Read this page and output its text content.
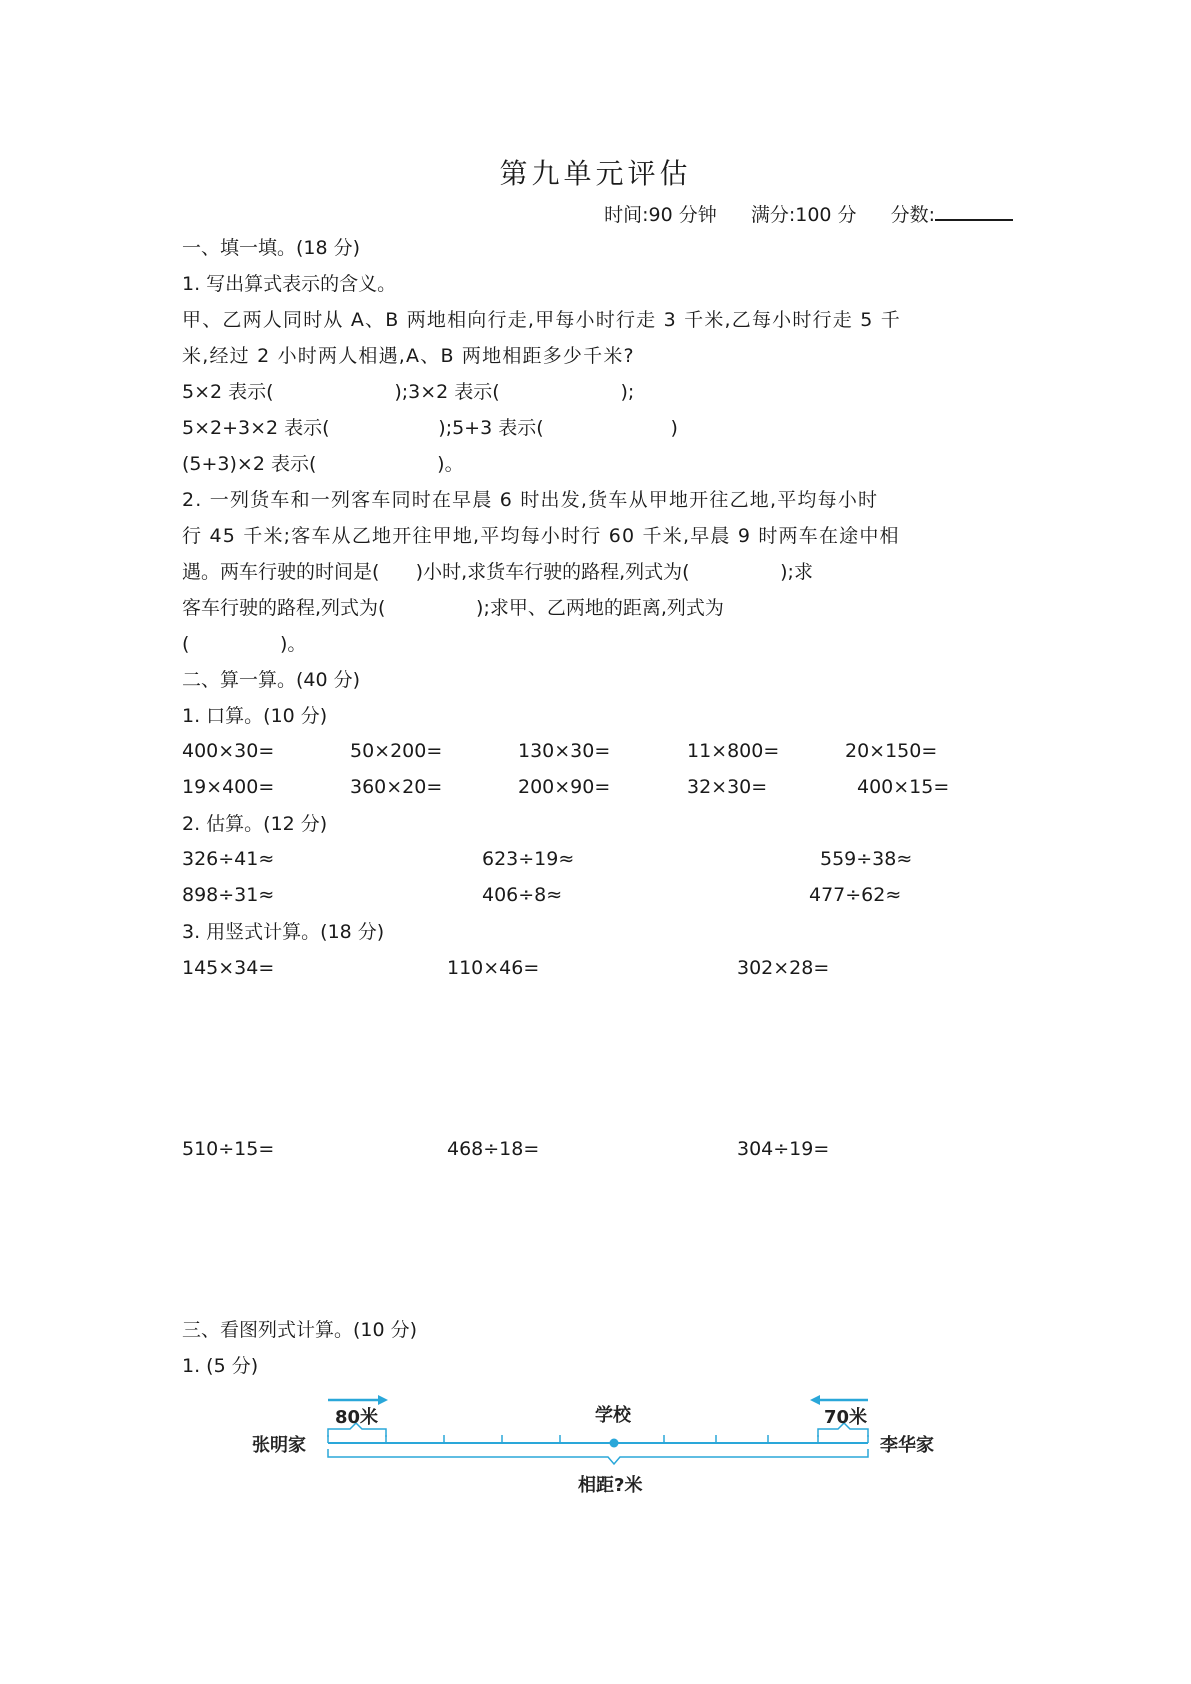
第九单元评估
时间:90 分钟 满分:100 分 分数:
一、填一填。(18 分)
1. 写出算式表示的含义。
甲、乙两人同时从 A、B 两地相向行走,甲每小时行走 3 千米,乙每小时行走 5 千
米,经过 2 小时两人相遇,A、B 两地相距多少千米?
5×2 表示(                    );3×2 表示(                    );
5×2+3×2 表示(                  );5+3 表示(                     )
(5+3)×2 表示(                    )。
2. 一列货车和一列客车同时在早晨 6 时出发,货车从甲地开往乙地,平均每小时
行 45 千米;客车从乙地开往甲地,平均每小时行 60 千米,早晨 9 时两车在途中相
遇。两车行驶的时间是(      )小时,求货车行驶的路程,列式为(               );求
客车行驶的路程,列式为(               );求甲、乙两地的距离,列式为
(               )。
二、算一算。(40 分)
1. 口算。(10 分)
400×30=	50×200=	130×30=	11×800=	20×150=
19×400=	360×20=	200×90=	32×30=	400×15=
2. 估算。(12 分)
326÷41≈	623÷19≈	559÷38≈
898÷31≈	406÷8≈	477÷62≈
3. 用竖式计算。(18 分)
145×34=	110×46=	302×28=
510÷15=	468÷18=	304÷19=
三、看图列式计算。(10 分)
1. (5 分)
80米	学校	70米
张明家	李华家
相距?米
